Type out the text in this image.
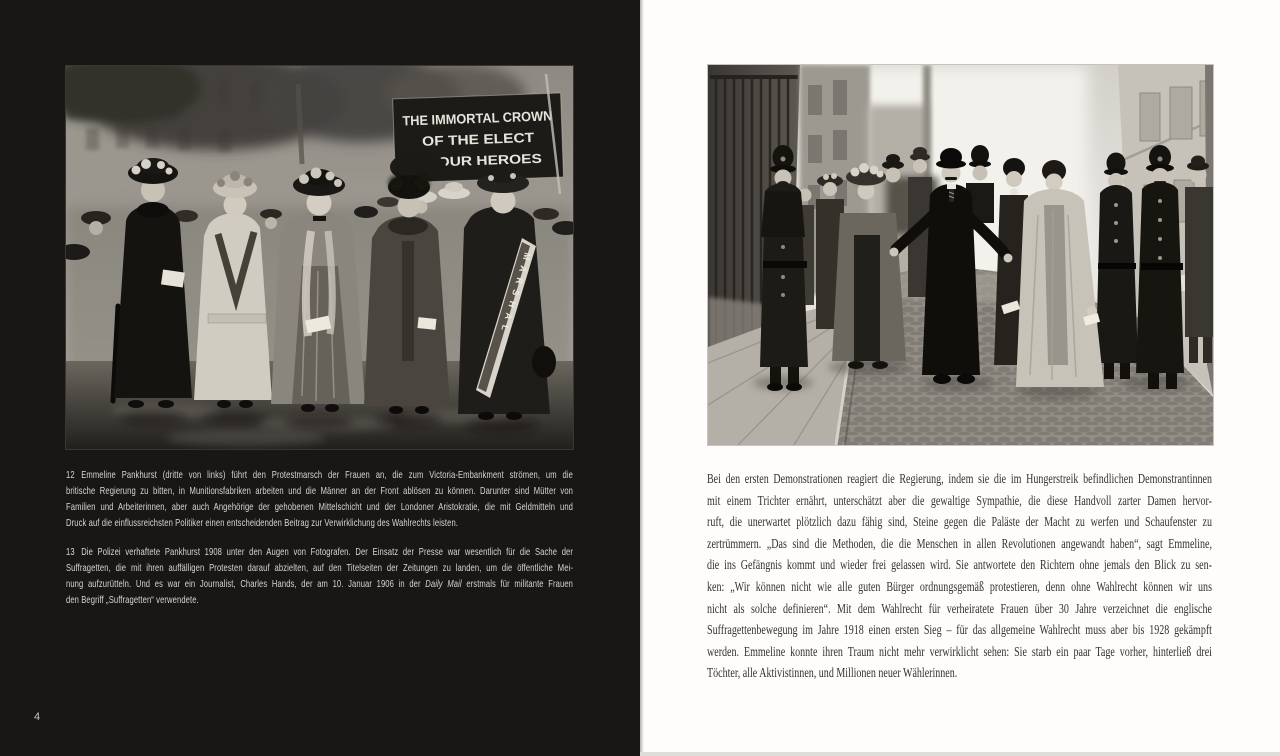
THE IMMORTAL CROWN
OF THE ELECT
T OUR HEROES
MARSHAL
12 Emmeline Pankhurst (dritte von links) führt den Protestmarsch der Frauen an, die zum Victoria-Embankment strömen, um die
britische Regierung zu bitten, in Munitionsfabriken arbeiten und die Männer an der Front ablösen zu können. Darunter sind Mütter von
Familien und Arbeiterinnen, aber auch Angehörige der gehobenen Mittelschicht und der Londoner Aristokratie, die mit Geldmitteln und
Druck auf die einflussreichsten Politiker einen entscheidenden Beitrag zur Verwirklichung des Wahlrechts leisten.
13 Die Polizei verhaftete Pankhurst 1908 unter den Augen von Fotografen. Der Einsatz der Presse war wesentlich für die Sache der
Suffragetten, die mit ihren auffälligen Protesten darauf abzielten, auf den Titelseiten der Zeitungen zu landen, um die öffentliche Mei-
nung aufzurütteln. Und es war ein Journalist, Charles Hands, der am 10. Januar 1906 in der Daily Mail erstmals für militante Frauen
den Begriff „Suffragetten“ verwendete.
4
Bei den ersten Demonstrationen reagiert die Regierung, indem sie die im Hungerstreik befindlichen Demonstrantinnen
mit einem Trichter ernährt, unterschätzt aber die gewaltige Sympathie, die diese Handvoll zarter Damen hervor-
ruft, die unerwartet plötzlich dazu fähig sind, Steine gegen die Paläste der Macht zu werfen und Schaufenster zu
zertrümmern. „Das sind die Methoden, die die Menschen in allen Revolutionen angewandt haben“, sagt Emmeline,
die ins Gefängnis kommt und wieder frei gelassen wird. Sie antwortete den Richtern ohne jemals den Blick zu sen-
ken: „Wir können nicht wie alle guten Bürger ordnungsgemäß protestieren, denn ohne Wahlrecht können wir uns
nicht als solche definieren“. Mit dem Wahlrecht für verheiratete Frauen über 30 Jahre verzeichnet die englische
Suffragettenbewegung im Jahre 1918 einen ersten Sieg – für das allgemeine Wahlrecht muss aber bis 1928 gekämpft
werden. Emmeline konnte ihren Traum nicht mehr verwirklicht sehen: Sie starb ein paar Tage vorher, hinterließ drei
Töchter, alle Aktivistinnen, und Millionen neuer Wählerinnen.
